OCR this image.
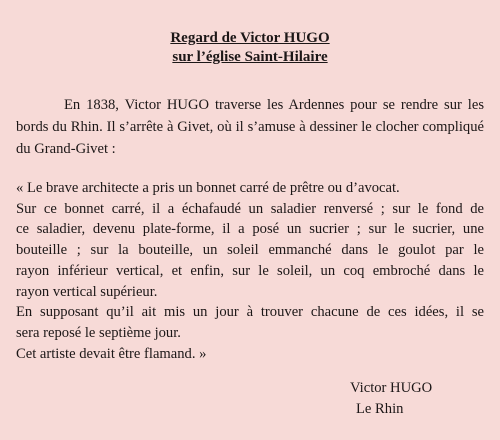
Regard de Victor HUGO
sur l’église Saint-Hilaire

En 1838, Victor HUGO traverse les Ardennes pour se rendre sur les bords du Rhin. Il s’arrête à Givet, où il s’amuse à dessiner le clocher compliqué du Grand-Givet :

« Le brave architecte a pris un bonnet carré de prêtre ou d’avocat.
Sur ce bonnet carré, il a échafaudé un saladier renversé ; sur le fond de
ce saladier, devenu plate-forme, il a posé un sucrier ; sur le sucrier, une
bouteille ; sur la bouteille, un soleil emmanché dans le goulot par le
rayon inférieur vertical, et enfin, sur le soleil, un coq embroché dans le
rayon vertical supérieur.
En supposant qu’il ait mis un jour à trouver chacune de ces idées, il se
sera reposé le septième jour.
Cet artiste devait être flamand. »
Victor HUGO
Le Rhin
